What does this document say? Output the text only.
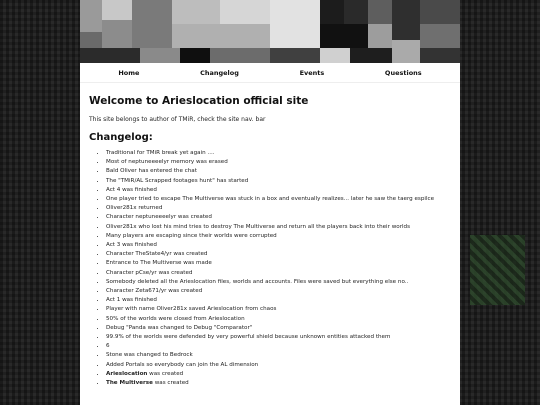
Home	Changelog	Events	Questions
Welcome to Arieslocation official site

This site belongs to author of TMiR, check the site nav. bar

Changelog:
• Traditional for TMiR break yet again ....
• Most of neptuneeeelyr memory was erased
• Bald Oliver has entered the chat
• The "TMiR/AL Scrapped footages hunt" has started
• Act 4 was finished
• One player tried to escape The Multiverse was stuck in a box and eventually realizes... later he saw the taerg espilce
• Oliver281x returned
• Character neptuneeeelyr was created
• Oliver281x who lost his mind tries to destroy The Multiverse and return all the players back into their worlds
• Many players are escaping since their worlds were corrupted
• Act 3 was finished
• Character TheState4/yr was created
• Entrance to The Multiverse was made
• Character pCse/yr was created
• Somebody deleted all the Arieslocation files, worlds and accounts. Files were saved but everything else no..
• Character Zeta671/yr was created
• Act 1 was finished
• Player with name Oliver281x saved Arieslocation from chaos
• 50% of the worlds were closed from Arieslocation
• Debug "Panda was changed to Debug "Comparator"
• 99.9% of the worlds were defended by very powerful shield because unknown entities attacked them
• 6
• Stone was changed to Bedrock
• Added Portals so everybody can join the AL dimension
• Arieslocation was created
• The Multiverse was created
